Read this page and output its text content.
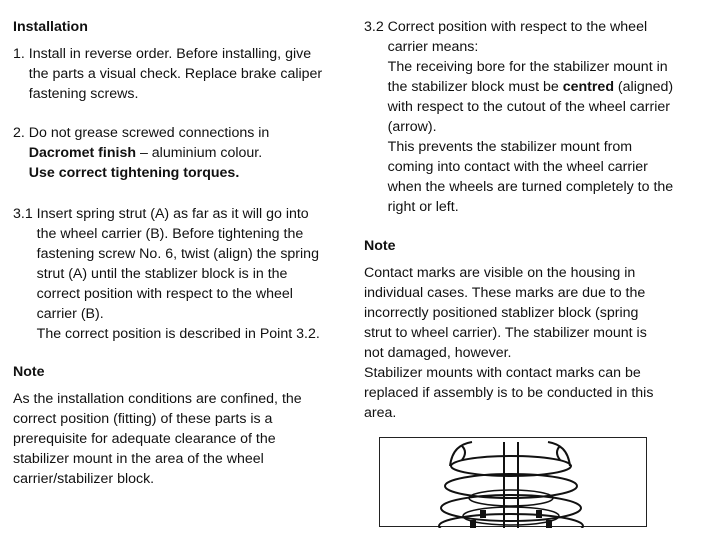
Installation

1. Install in reverse order. Before installing, give the parts a visual check. Replace brake caliper fastening screws.
2. Do not grease screwed connections in
Dacromet finish – aluminium colour.
Use correct tightening torques.
3.1 Insert spring strut (A) as far as it will go into the wheel carrier (B). Before tightening the fastening screw No. 6, twist (align) the spring strut (A) until the stablizer block is in the correct position with respect to the wheel carrier (B).
The correct position is described in Point 3.2.

Note

As the installation conditions are confined, the correct position (fitting) of these parts is a prerequisite for adequate clearance of the stabilizer mount in the area of the wheel carrier/stabilizer block.

3.2 Correct position with respect to the wheel carrier means:
The receiving bore for the stabilizer mount in the stabilizer block must be centred (aligned) with respect to the cutout of the wheel carrier (arrow).
This prevents the stabilizer mount from coming into contact with the wheel carrier when the wheels are turned completely to the right or left.

Note

Contact marks are visible on the housing in individual cases. These marks are due to the incorrectly positioned stablizer block (spring strut to wheel carrier). The stabilizer mount is not damaged, however.

Stabilizer mounts with contact marks can be replaced if assembly is to be conducted in this area.
